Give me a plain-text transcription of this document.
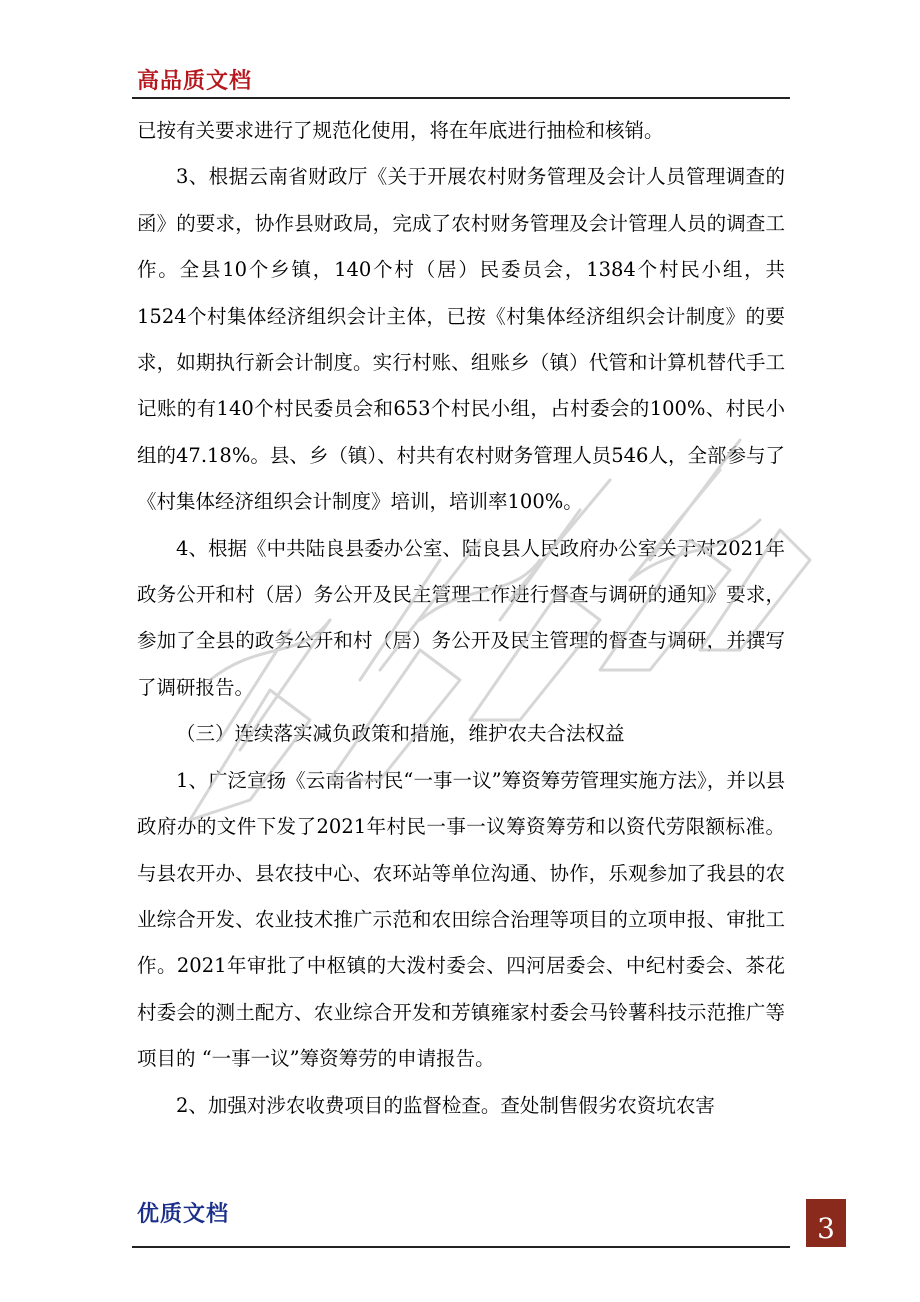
高品质文档

已按有关要求进行了规范化使用，将在年底进行抽检和核销。

3、根据云南省财政厅《关于开展农村财务管理及会计人员管理调查的函》的要求，协作县财政局，完成了农村财务管理及会计管理人员的调查工作。全县10个乡镇，140个村（居）民委员会，1384个村民小组，共1524个村集体经济组织会计主体，已按《村集体经济组织会计制度》的要求，如期执行新会计制度。实行村账、组账乡（镇）代管和计算机替代手工记账的有140个村民委员会和653个村民小组，占村委会的100%、村民小组的47.18%。县、乡（镇）、村共有农村财务管理人员546人，全部参与了《村集体经济组织会计制度》培训，培训率100%。

4、根据《中共陆良县委办公室、陆良县人民政府办公室关于对2021年政务公开和村（居）务公开及民主管理工作进行督查与调研的通知》要求，参加了全县的政务公开和村（居）务公开及民主管理的督查与调研，并撰写了调研报告。

（三）连续落实减负政策和措施，维护农夫合法权益

1、广泛宣扬《云南省村民“一事一议”筹资筹劳管理实施方法》，并以县政府办的文件下发了2021年村民一事一议筹资筹劳和以资代劳限额标准。与县农开办、县农技中心、农环站等单位沟通、协作，乐观参加了我县的农业综合开发、农业技术推广示范和农田综合治理等项目的立项申报、审批工作。2021年审批了中枢镇的大泼村委会、四河居委会、中纪村委会、茶花村委会的测土配方、农业综合开发和芳镇雍家村委会马铃薯科技示范推广等项目的 “一事一议”筹资筹劳的申请报告。

2、加强对涉农收费项目的监督检查。查处制售假劣农资坑农害

优质文档	3
